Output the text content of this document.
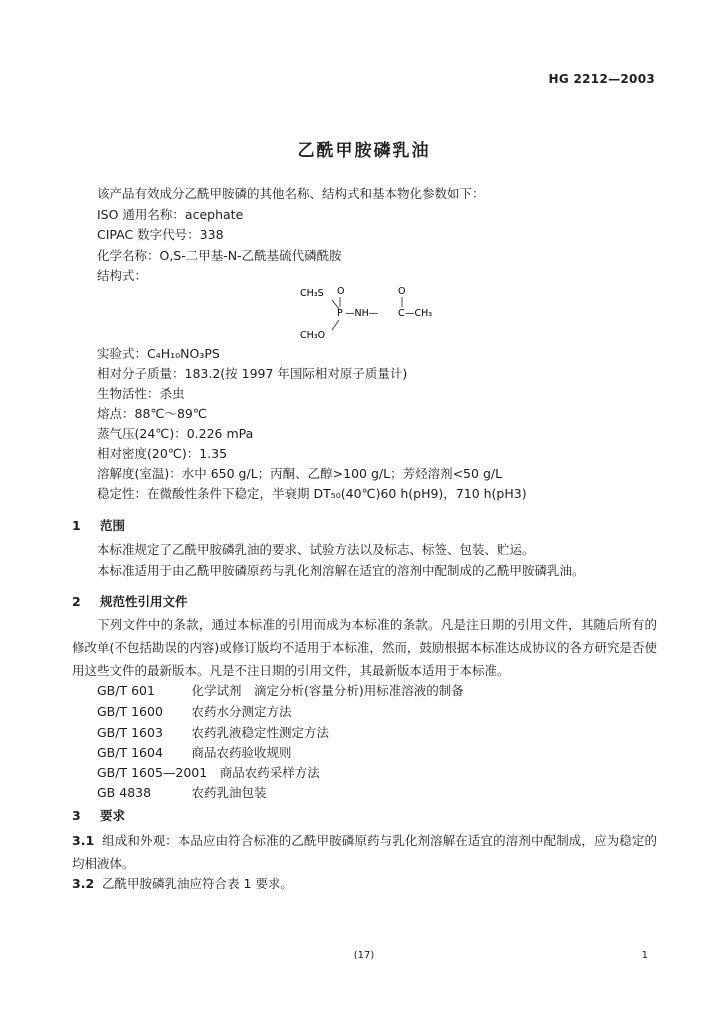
HG 2212—2003
乙酰甲胺磷乳油
该产品有效成分乙酰甲胺磷的其他名称、结构式和基本物化参数如下：
ISO 通用名称：acephate
CIPAC 数字代号：338
化学名称：O,S-二甲基-N-乙酰基硫代磷酰胺
结构式：
CH₃S O	O
P —NH— C —CH₃
CH₃O
实验式：C₄H₁₀NO₃PS
相对分子质量：183.2(按 1997 年国际相对原子质量计)
生物活性：杀虫
熔点：88℃～89℃
蒸气压(24℃)：0.226 mPa
相对密度(20℃)：1.35
溶解度(室温)：水中 650 g/L；丙酮、乙醇>100 g/L；芳烃溶剂<50 g/L
稳定性：在微酸性条件下稳定，半衰期 DT₅₀(40℃)60 h(pH9)，710 h(pH3)
1 范围
本标准规定了乙酰甲胺磷乳油的要求、试验方法以及标志、标签、包装、贮运。
本标准适用于由乙酰甲胺磷原药与乳化剂溶解在适宜的溶剂中配制成的乙酰甲胺磷乳油。
2 规范性引用文件
下列文件中的条款，通过本标准的引用而成为本标准的条款。凡是注日期的引用文件，其随后所有的修改单(不包括勘误的内容)或修订版均不适用于本标准，然而，鼓励根据本标准达成协议的各方研究是否使用这些文件的最新版本。凡是不注日期的引用文件，其最新版本适用于本标准。
GB/T 601　	化学试剂　滴定分析(容量分析)用标准溶液的制备
GB/T 1600　 农药水分测定方法
GB/T 1603　 农药乳液稳定性测定方法
GB/T 1604　 商品农药验收规则
GB/T 1605—2001　 商品农药采样方法
GB 4838　	农药乳油包装
3 要求
3.1 组成和外观：本品应由符合标准的乙酰甲胺磷原药与乳化剂溶解在适宜的溶剂中配制成，应为稳定的均相液体。
3.2 乙酰甲胺磷乳油应符合表 1 要求。
(17)	1
